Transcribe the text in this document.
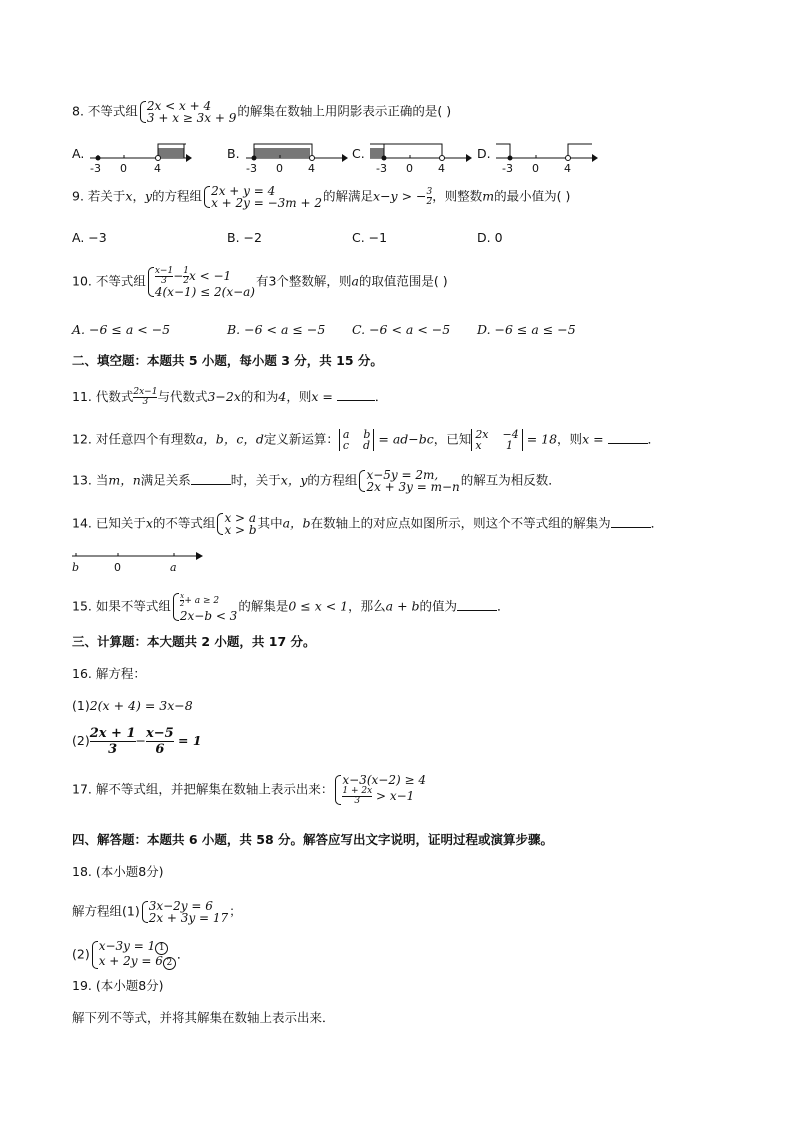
8. 不等式组 2x < x + 4
3 + x ≥ 3x + 9 的解集在数轴上用阴影表示正确的是( )
A.
-3 0 4
B.
-3 0 4
C.
-3 0 4
D.
-3 0 4
9. 若关于x，y的方程组 2x + y = 4
x + 2y = −3m + 2 的解满足x−y > − $\frac{3}{2}$ ，则整数m的最小值为( )
A. −3	B. −2	C. −1	D. 0
10. 不等式组 $\frac{x-1}{3} - \frac{1}{2}$ x < −1
4(x−1) ≤ 2(x−a)
有3个整数解，则a的取值范围是( )
A. −6 ≤ a < −5	B. −6 < a ≤ −5 C. −6 < a < −5 D. −6 ≤ a ≤ −5
二、填空题：本题共 5 小题，每小题 3 分，共 15 分。
11. 代数式 $\frac{2x-1}{3}$ 与代数式3−2x的和为4，则x =	．
12. 对任意四个有理数a，b，c，d定义新运算： a    b
c    d = ad−bc，已知 2x    −4
x       1 = 18，则x =	．
13. 当m，n满足关系	时，关于x，y的方程组 x−5y = 2m,
2x + 3y = m−n 的解互为相反数．
14. 已知关于x的不等式组 x > a
x > b 其中a，b在数轴上的对应点如图所示，则这个不等式组的解集为	．
b	0	a
15. 如果不等式组 $\frac{x}{2} + a \ge 2$
2x−b < 3
的解集是0 ≤ x < 1，那么a + b的值为	．
三、计算题：本大题共 2 小题，共 17 分。
16. 解方程：
(1)2(x + 4) = 3x−8
$(2) \frac{2x + 1}{3} - \frac{x-5}{6} = 1$
17. 解不等式组，并把解集在数轴上表示出来：
x−3(x−2) ≥ 4
$\frac{1 + 2x}{3} > x-1$
四、解答题：本题共 6 小题，共 58 分。解答应写出文字说明，证明过程或演算步骤。
18. (本小题8分)
解方程组(1) 3x−2y = 6
2x + 3y = 17 ；
(2)
x−3y = 1 1
x + 2y = 6 2
．
19. (本小题8分)
解下列不等式，并将其解集在数轴上表示出来．
